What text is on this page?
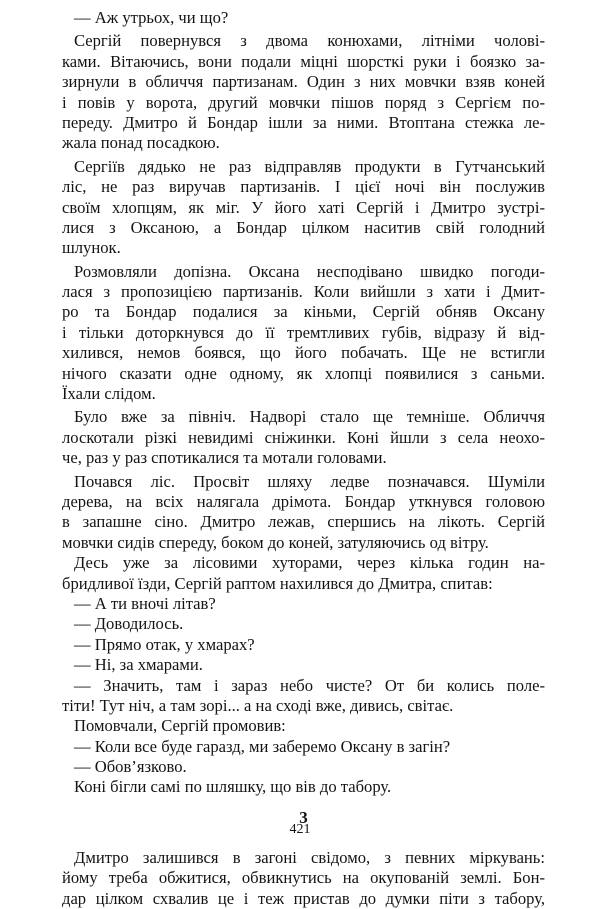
— Аж утрьох, чи що?
Сергій повернувся з двома конюхами, літніми чолові-
ками. Вітаючись, вони подали міцні шорсткі руки і боязко за-
зирнули в обличчя партизанам. Один з них мовчки взяв коней
і повів у ворота, другий мовчки пішов поряд з Сергієм по-
переду. Дмитро й Бондар ішли за ними. Втоптана стежка ле-
жала понад посадкою.
Сергіїв дядько не раз відправляв продукти в Гутчанський
ліс, не раз виручав партизанів. І цієї ночі він послужив
своїм хлопцям, як міг. У його хаті Сергій і Дмитро зустрі-
лися з Оксаною, а Бондар цілком наситив свій голодний
шлунок.
Розмовляли допізна. Оксана несподівано швидко погоди-
лася з пропозицією партизанів. Коли вийшли з хати і Дмит-
ро та Бондар подалися за кіньми, Сергій обняв Оксану
і тільки доторкнувся до її тремтливих губів, відразу й від-
хилився, немов боявся, що його побачать. Ще не встигли
нічого сказати одне одному, як хлопці появилися з саньми.
Їхали слідом.
Було вже за північ. Надворі стало ще темніше. Обличчя
лоскотали різкі невидимі сніжинки. Коні йшли з села неохо-
че, раз у раз спотикалися та мотали головами.
Почався ліс. Просвіт шляху ледве позначався. Шуміли
дерева, на всіх налягала дрімота. Бондар уткнувся головою
в запашне сіно. Дмитро лежав, спершись на лікоть. Сергій
мовчки сидів спереду, боком до коней, затуляючись од вітру.
Десь уже за лісовими хуторами, через кілька годин на-
бридливої їзди, Сергій раптом нахилився до Дмитра, спитав:
— А ти вночі літав?
— Доводилось.
— Прямо отак, у хмарах?
— Ні, за хмарами.
— Значить, там і зараз небо чисте? От би колись поле-
тіти! Тут ніч, а там зорі... а на сході вже, дивись, світає.
Помовчали, Сергій промовив:
— Коли все буде гаразд, ми заберемо Оксану в загін?
— Обов’язково.
Коні бігли самі по шляшку, що вів до табору.
3
Дмитро залишився в загоні свідомо, з певних міркувань:
йому треба обжитися, обвикнутись на окупованій землі. Бон-
дар цілком схвалив це і теж пристав до думки піти з табору,
421
